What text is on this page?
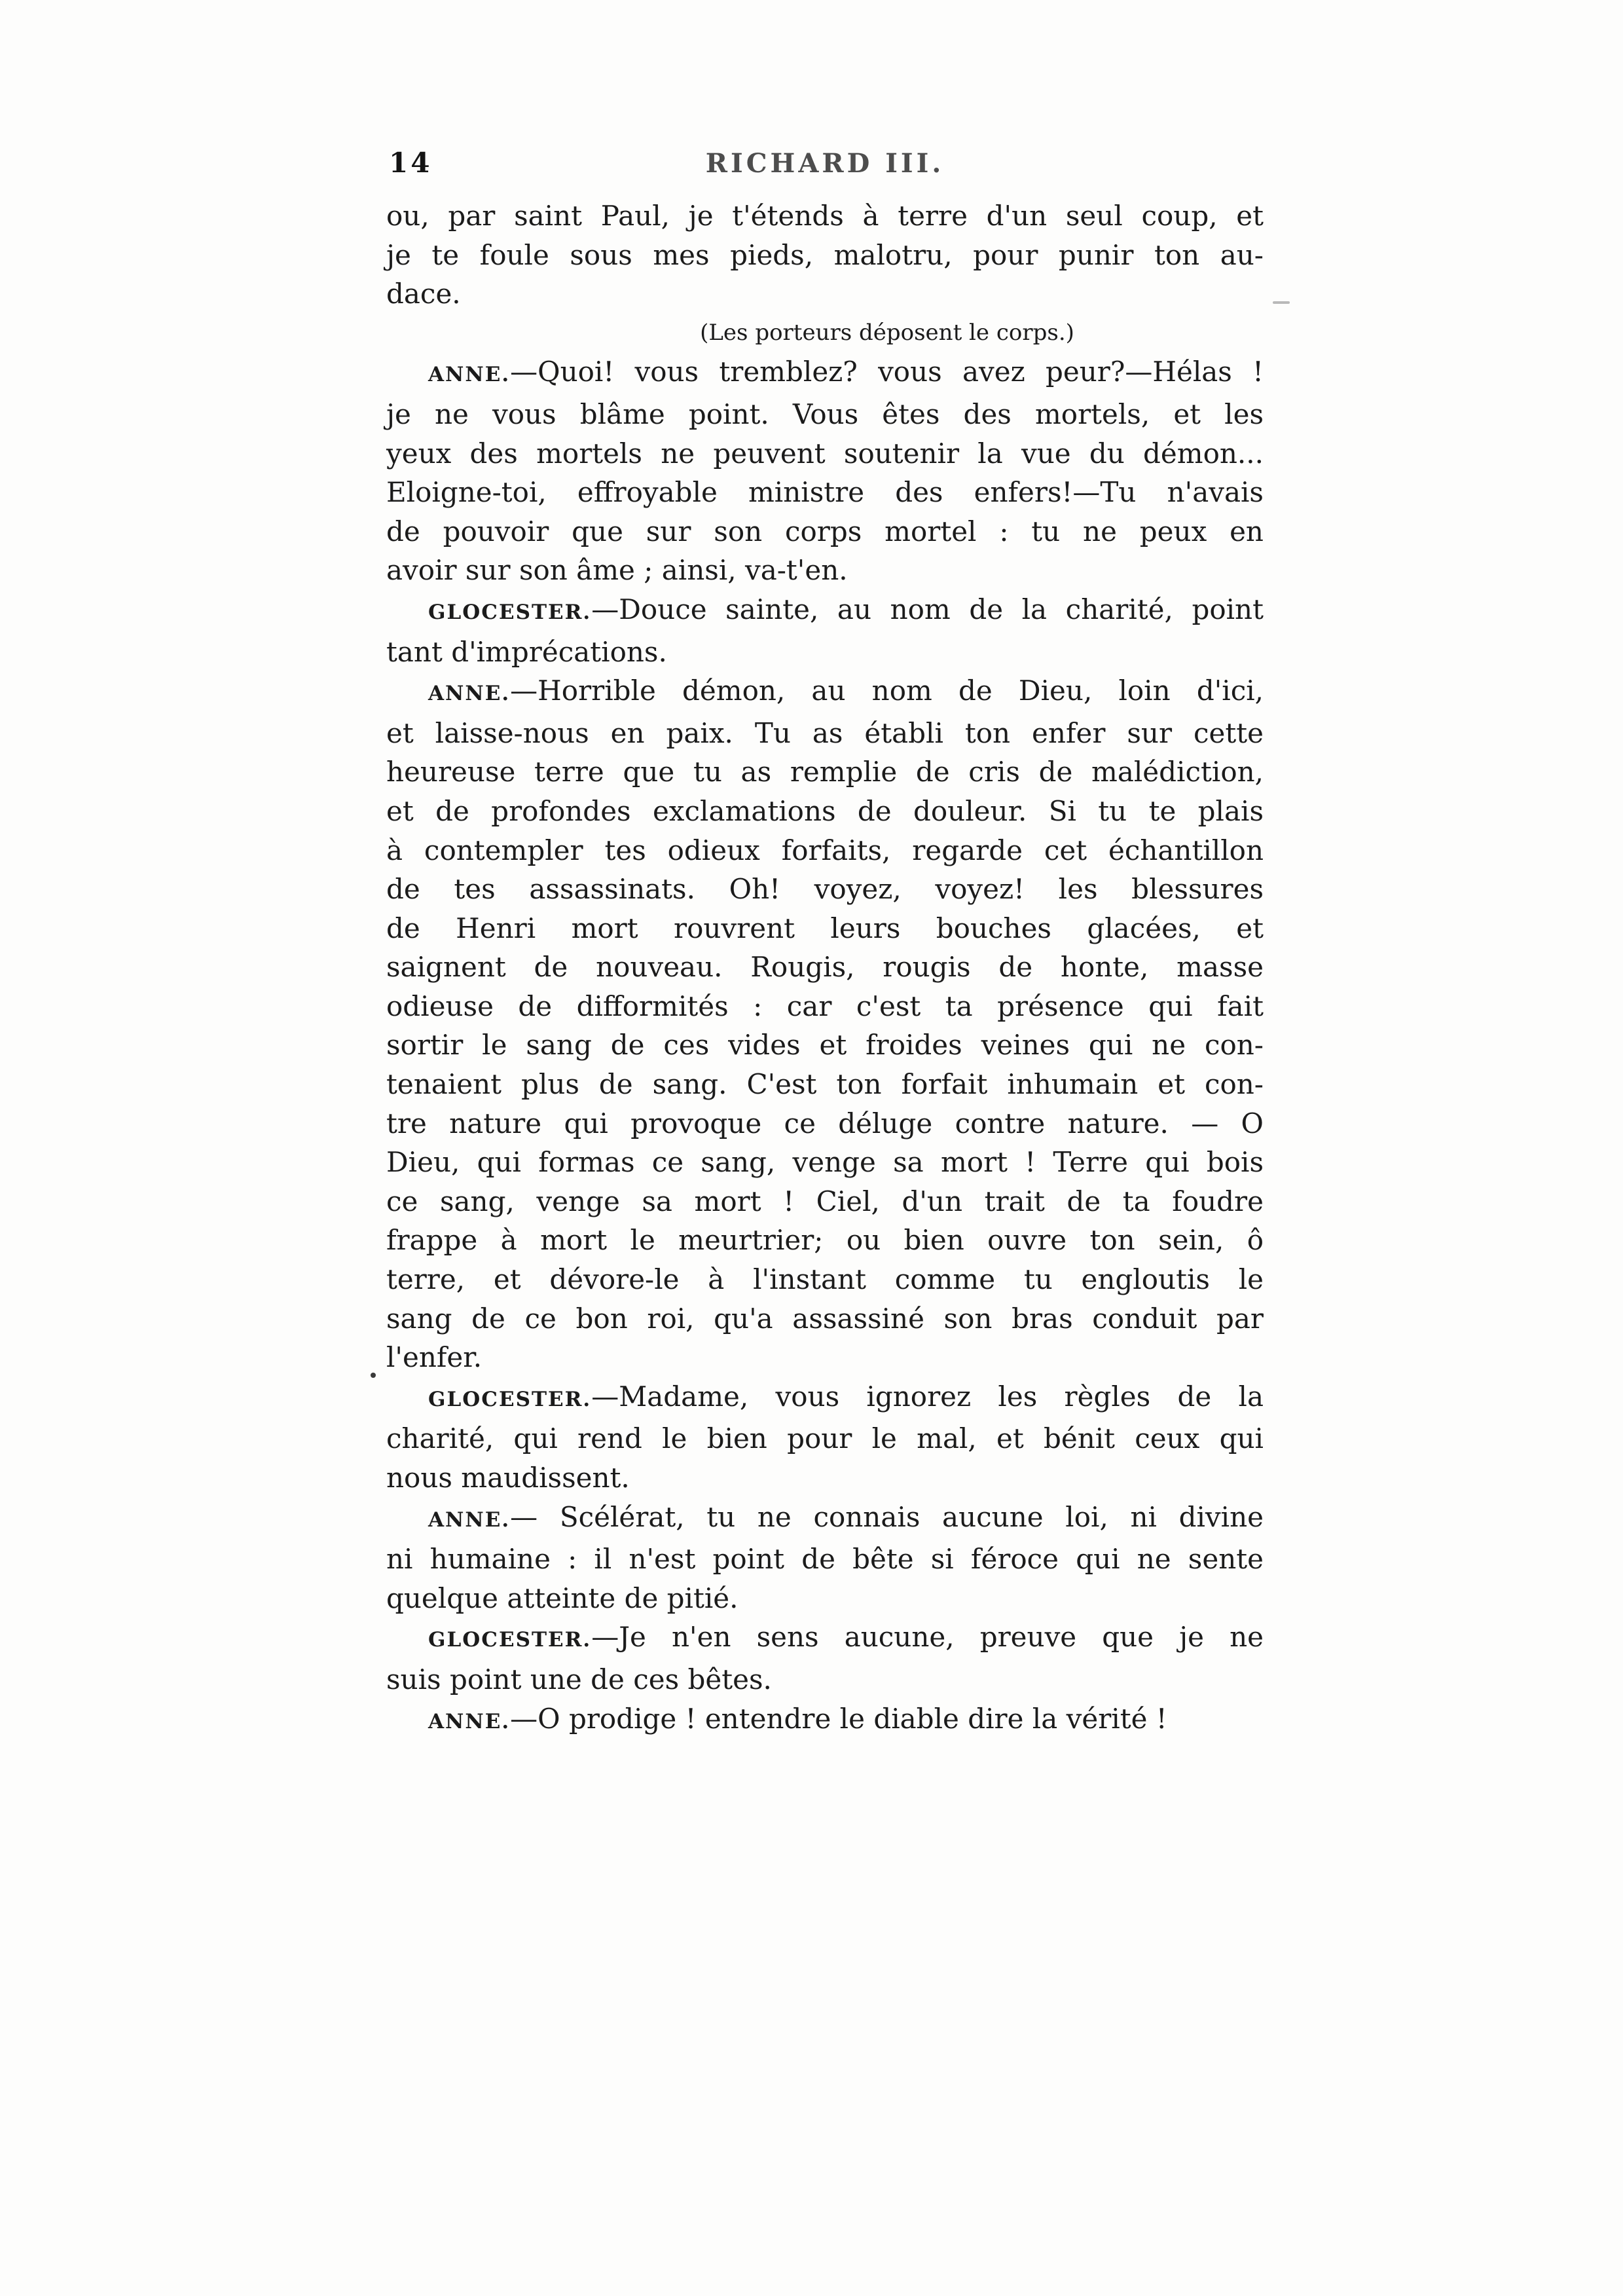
14	RICHARD III.
ou, par saint Paul, je t'étends à terre d'un seul coup, et
je te foule sous mes pieds, malotru, pour punir ton au-
dace.
(Les porteurs déposent le corps.)
ANNE.—Quoi! vous tremblez? vous avez peur?—Hélas !
je ne vous blâme point. Vous êtes des mortels, et les
yeux des mortels ne peuvent soutenir la vue du démon...
Eloigne-toi, effroyable ministre des enfers!—Tu n'avais
de pouvoir que sur son corps mortel : tu ne peux en
avoir sur son âme ; ainsi, va-t'en.
GLOCESTER.—Douce sainte, au nom de la charité, point
tant d'imprécations.
ANNE.—Horrible démon, au nom de Dieu, loin d'ici,
et laisse-nous en paix. Tu as établi ton enfer sur cette
heureuse terre que tu as remplie de cris de malédiction,
et de profondes exclamations de douleur. Si tu te plais
à contempler tes odieux forfaits, regarde cet échantillon
de tes assassinats. Oh! voyez, voyez! les blessures
de Henri mort rouvrent leurs bouches glacées, et
saignent de nouveau. Rougis, rougis de honte, masse
odieuse de difformités : car c'est ta présence qui fait
sortir le sang de ces vides et froides veines qui ne con-
tenaient plus de sang. C'est ton forfait inhumain et con-
tre nature qui provoque ce déluge contre nature. — O
Dieu, qui formas ce sang, venge sa mort ! Terre qui bois
ce sang, venge sa mort ! Ciel, d'un trait de ta foudre
frappe à mort le meurtrier; ou bien ouvre ton sein, ô
terre, et dévore-le à l'instant comme tu engloutis le
sang de ce bon roi, qu'a assassiné son bras conduit par
l'enfer.
GLOCESTER.—Madame, vous ignorez les règles de la
charité, qui rend le bien pour le mal, et bénit ceux qui
nous maudissent.
ANNE.— Scélérat, tu ne connais aucune loi, ni divine
ni humaine : il n'est point de bête si féroce qui ne sente
quelque atteinte de pitié.
GLOCESTER.—Je n'en sens aucune, preuve que je ne
suis point une de ces bêtes.
ANNE.—O prodige ! entendre le diable dire la vérité !
